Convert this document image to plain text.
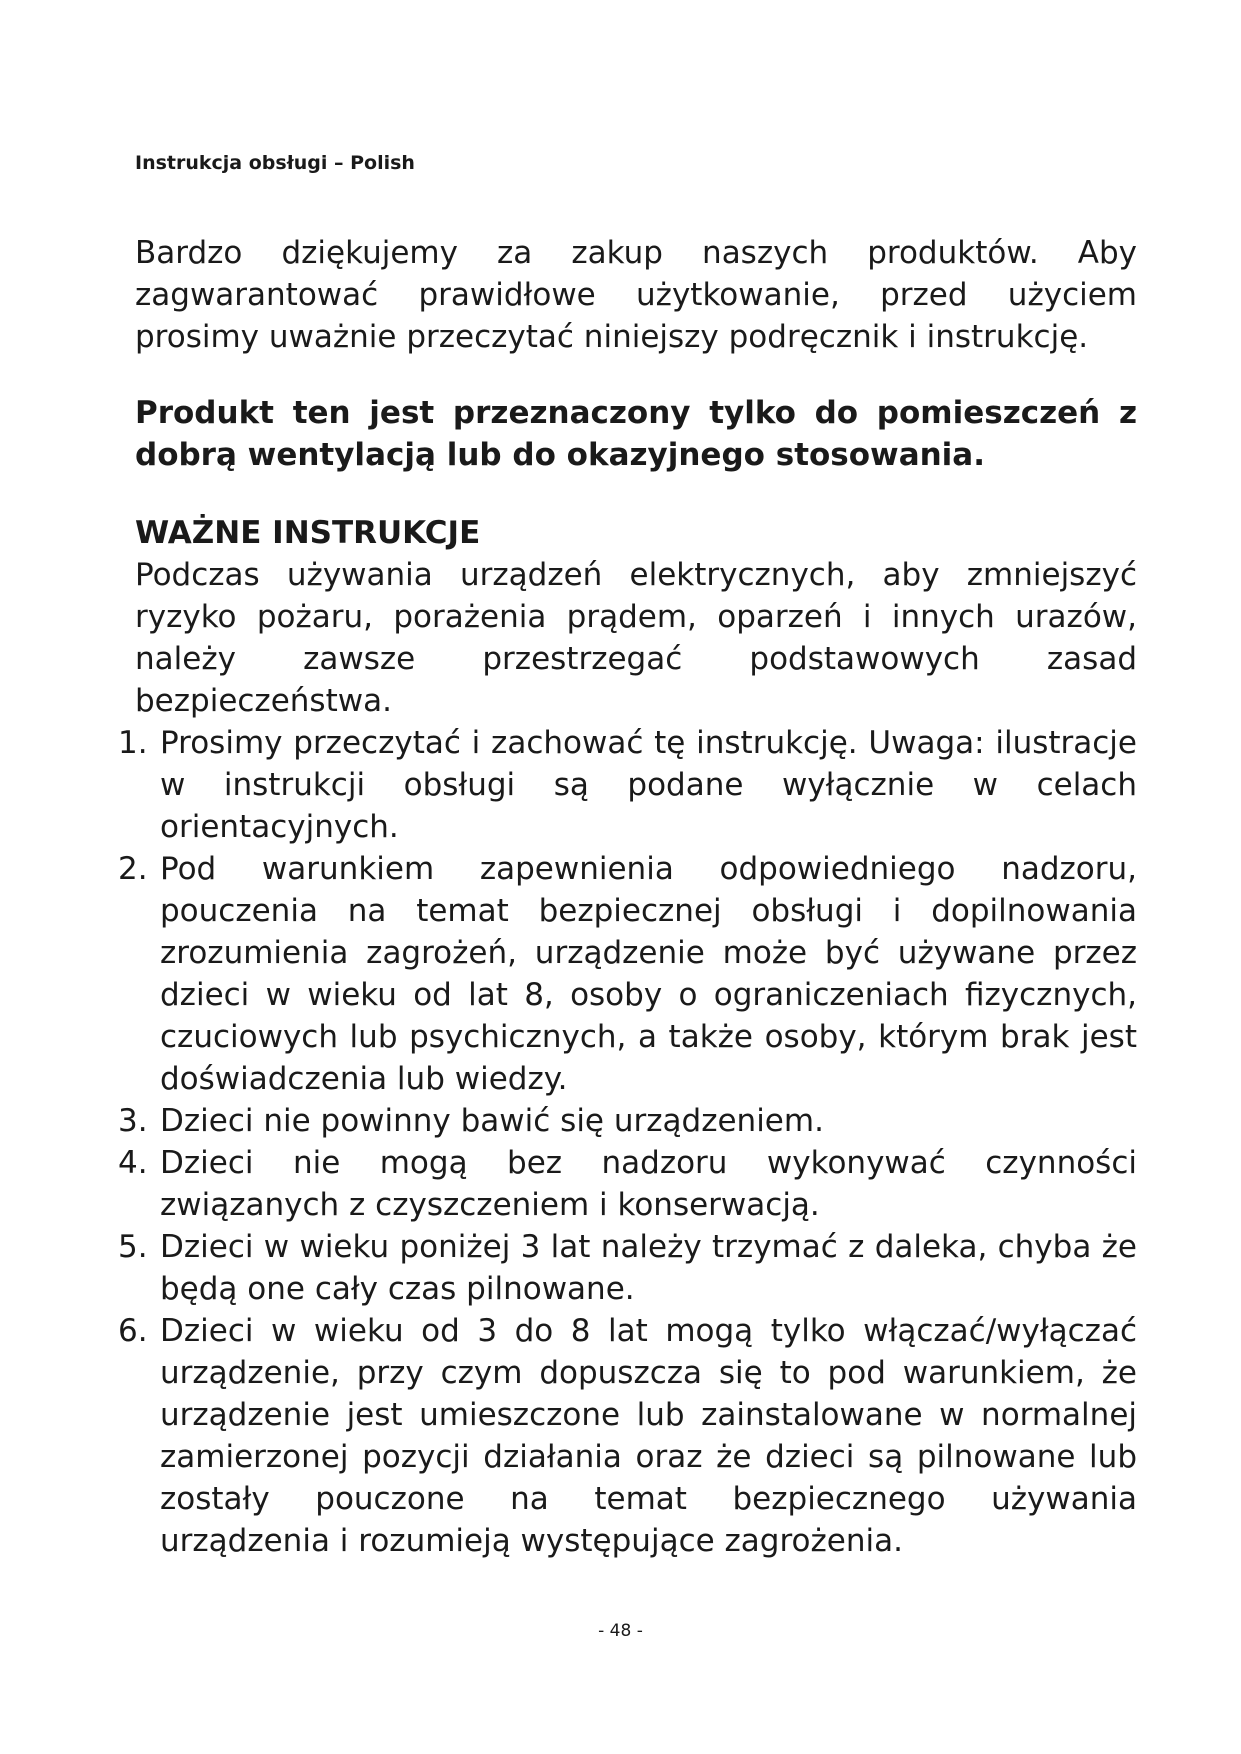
Instrukcja obsługi – Polish

Bardzo dziękujemy za zakup naszych produktów. Aby zagwarantować prawidłowe użytkowanie, przed użyciem prosimy uważnie przeczytać niniejszy podręcznik i instrukcję.

Produkt ten jest przeznaczony tylko do pomieszczeń z dobrą wentylacją lub do okazyjnego stosowania.

WAŻNE INSTRUKCJE

Podczas używania urządzeń elektrycznych, aby zmniejszyć ryzyko pożaru, porażenia prądem, oparzeń i innych urazów, należy zawsze przestrzegać podstawowych zasad bezpieczeństwa.

1. Prosimy przeczytać i zachować tę instrukcję. Uwaga: ilustracje w instrukcji obsługi są podane wyłącznie w celach orientacyjnych.
2. Pod warunkiem zapewnienia odpowiedniego nadzoru, pouczenia na temat bezpiecznej obsługi i dopilnowania zrozumienia zagrożeń, urządzenie może być używane przez dzieci w wieku od lat 8, osoby o ograniczeniach fizycznych, czuciowych lub psychicznych, a także osoby, którym brak jest doświadczenia lub wiedzy.
3. Dzieci nie powinny bawić się urządzeniem.
4. Dzieci nie mogą bez nadzoru wykonywać czynności związanych z czyszczeniem i konserwacją.
5. Dzieci w wieku poniżej 3 lat należy trzymać z daleka, chyba że będą one cały czas pilnowane.
6. Dzieci w wieku od 3 do 8 lat mogą tylko włączać/wyłączać urządzenie, przy czym dopuszcza się to pod warunkiem, że urządzenie jest umieszczone lub zainstalowane w normalnej zamierzonej pozycji działania oraz że dzieci są pilnowane lub zostały pouczone na temat bezpiecznego używania urządzenia i rozumieją występujące zagrożenia.
- 48 -
